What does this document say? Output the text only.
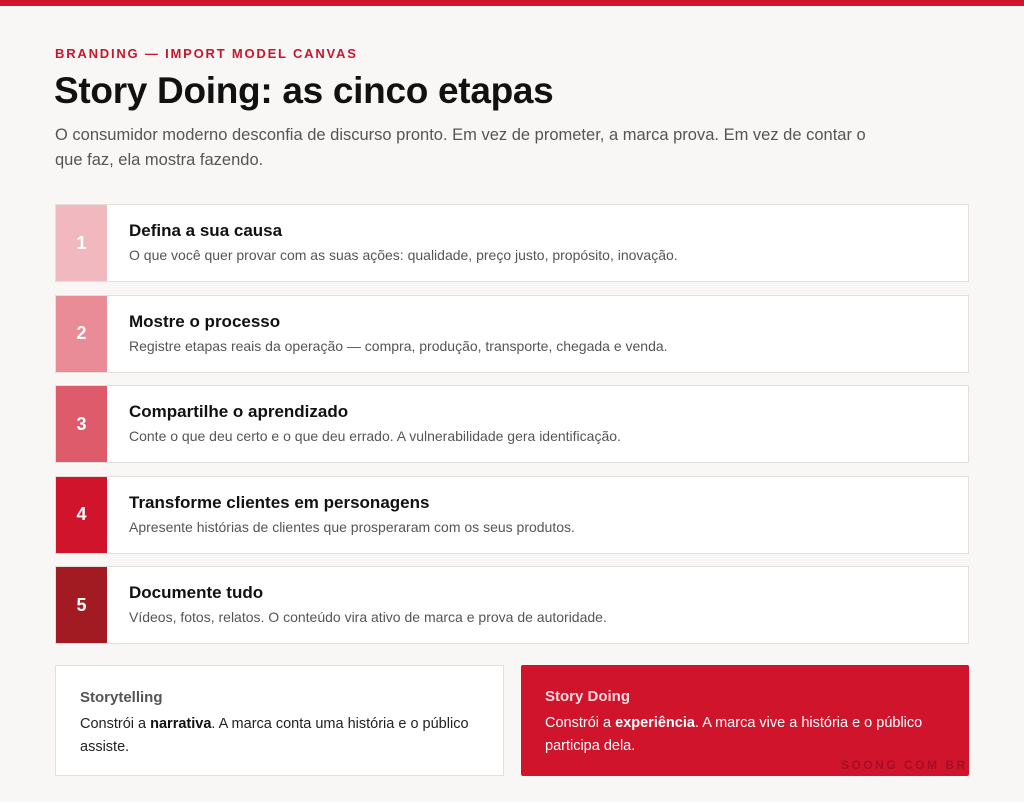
BRANDING — IMPORT MODEL CANVAS
Story Doing: as cinco etapas

O consumidor moderno desconfia de discurso pronto. Em vez de prometer, a marca prova. Em vez de contar o que faz, ela mostra fazendo.

1

Defina a sua causa

O que você quer provar com as suas ações: qualidade, preço justo, propósito, inovação.

2

Mostre o processo

Registre etapas reais da operação — compra, produção, transporte, chegada e venda.

3

Compartilhe o aprendizado

Conte o que deu certo e o que deu errado. A vulnerabilidade gera identificação.

4

Transforme clientes em personagens

Apresente histórias de clientes que prosperaram com os seus produtos.

5

Documente tudo

Vídeos, fotos, relatos. O conteúdo vira ativo de marca e prova de autoridade.

Storytelling

Constrói a narrativa. A marca conta uma história e o público assiste.

Story Doing

Constrói a experiência. A marca vive a história e o público participa dela.

SOONG COM BR
